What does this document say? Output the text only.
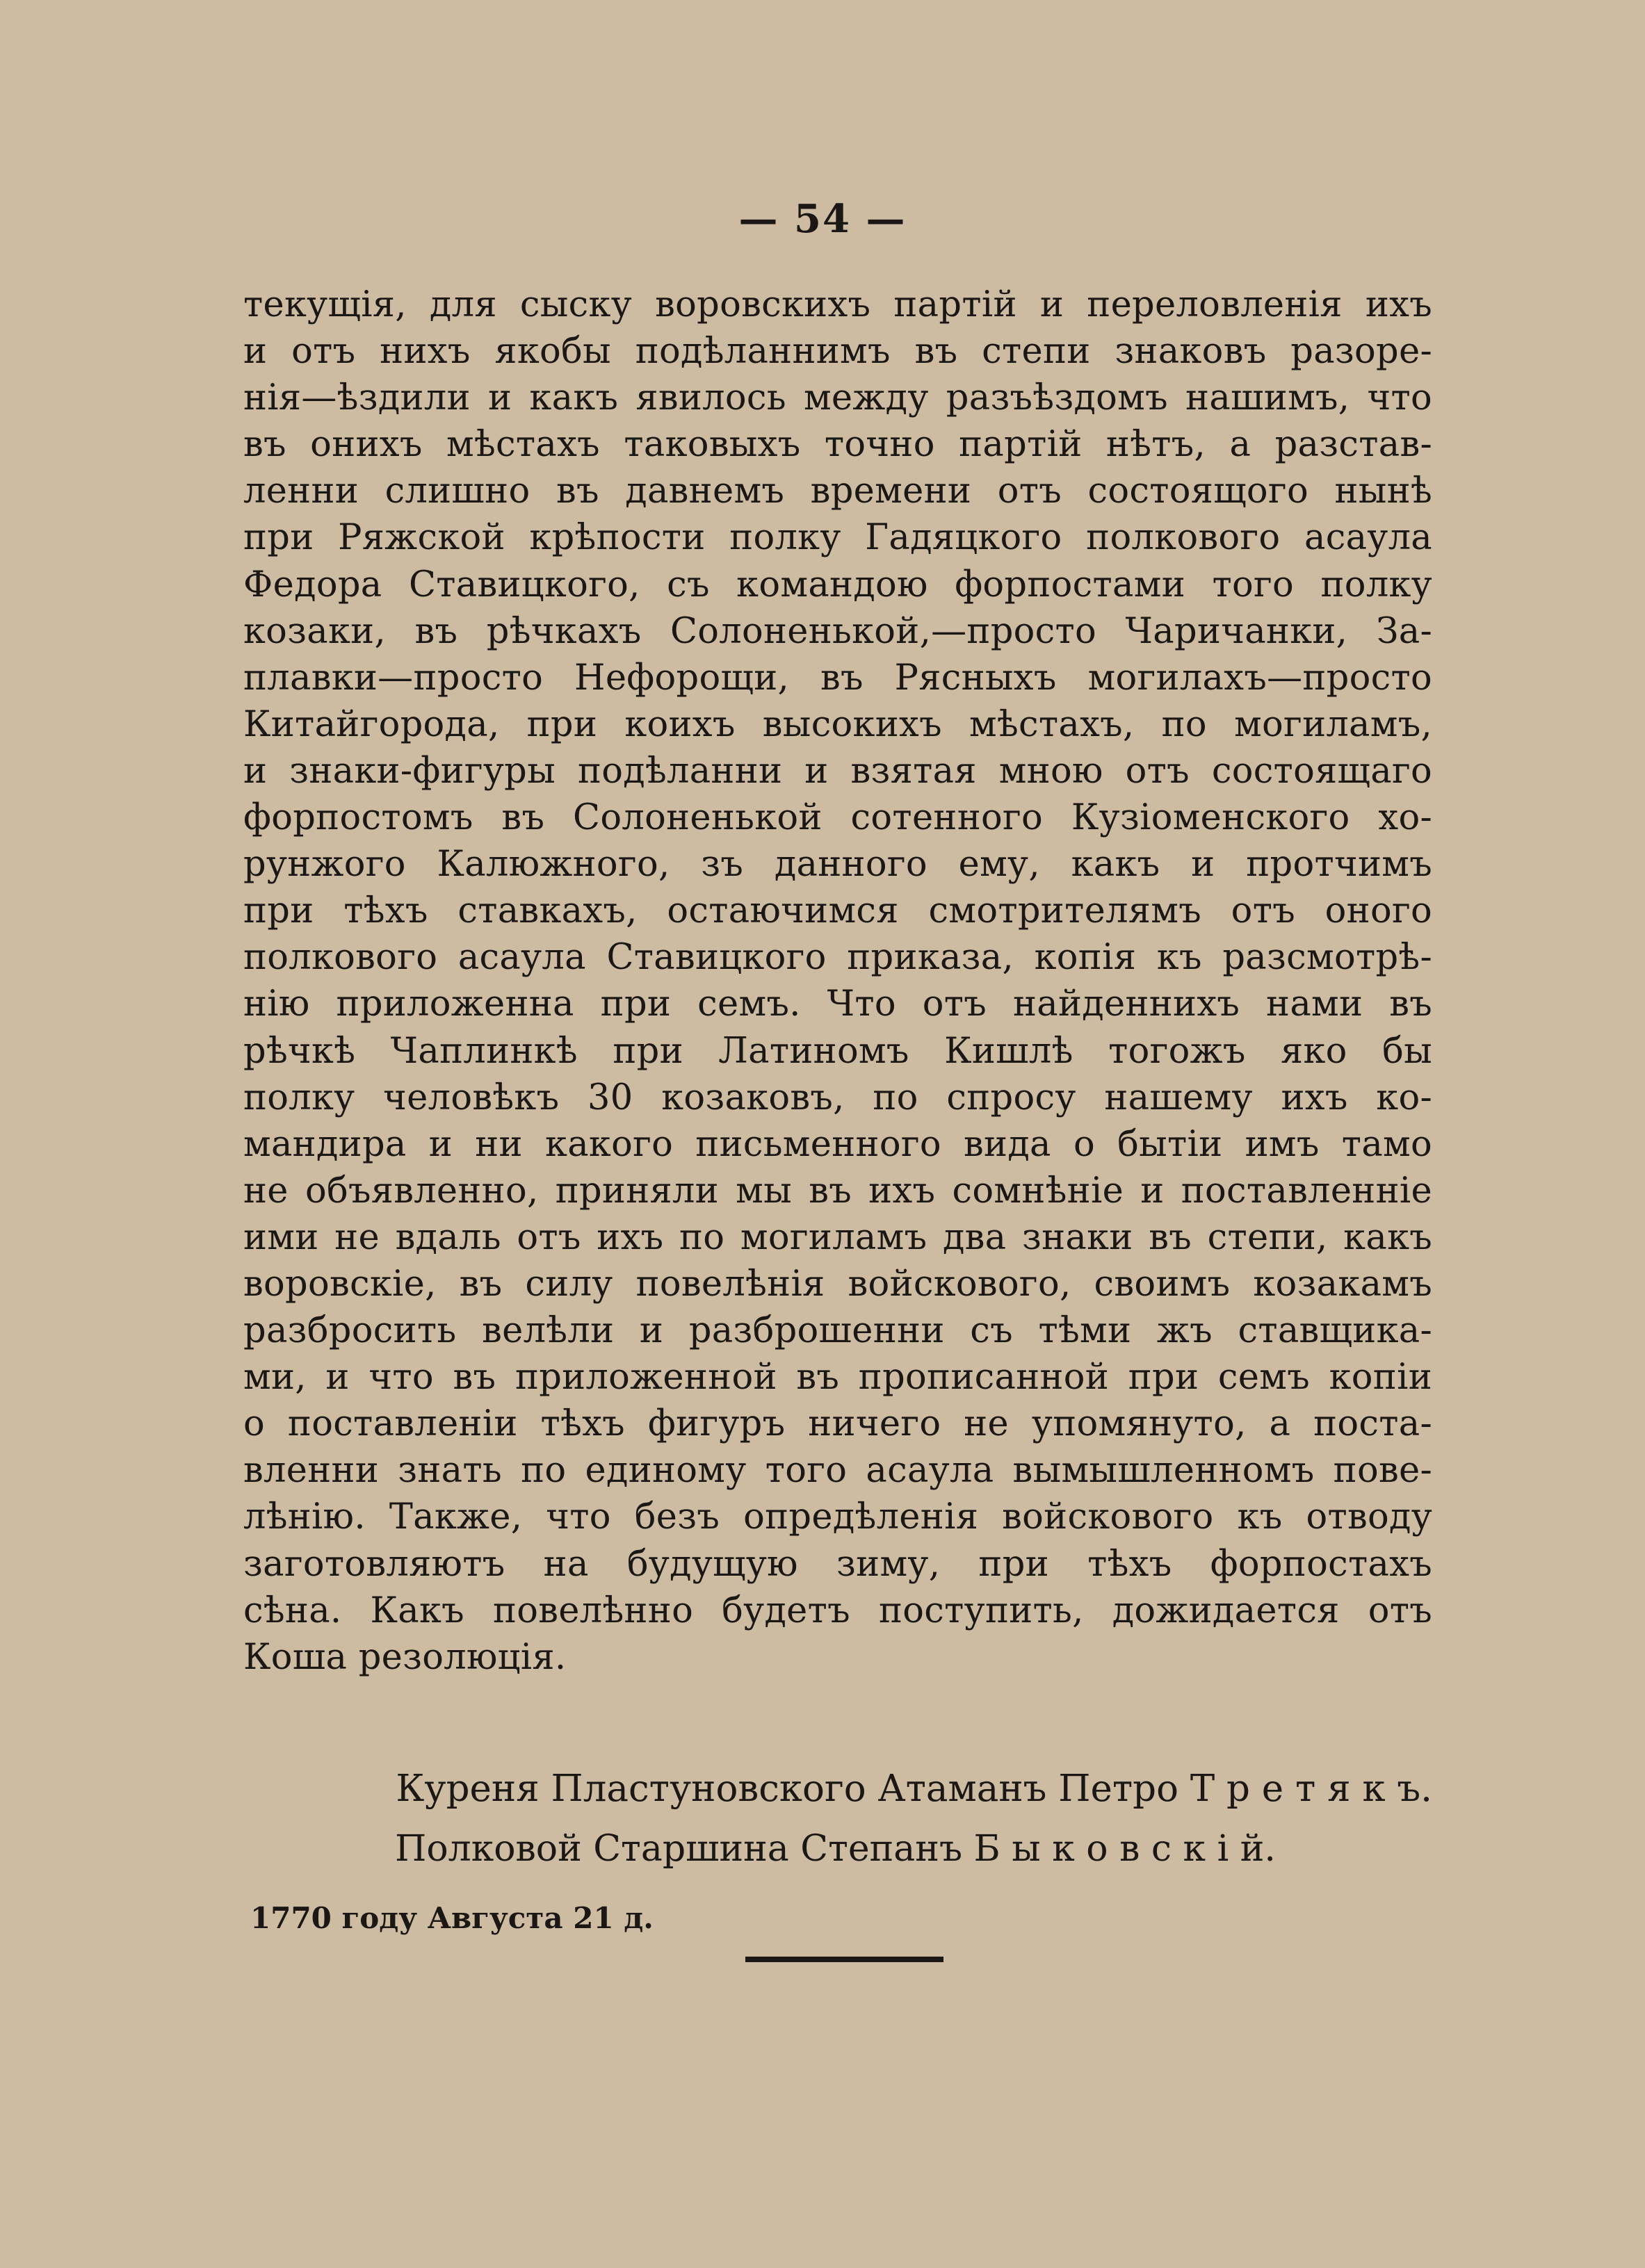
— 54 —
текущія, для сыску воровскихъ партій и переловленія ихъ
и отъ нихъ якобы подѣланнимъ въ степи знаковъ разоре-
нія—ѣздили и какъ явилось между разъѣздомъ нашимъ, что
въ онихъ мѣстахъ таковыхъ точно партій нѣтъ, а разстав-
ленни слишно въ давнемъ времени отъ состоящого нынѣ
при Ряжской крѣпости полку Гадяцкого полкового асаула
Федора Ставицкого, съ командою форпостами того полку
козаки, въ рѣчкахъ Солоненькой,—просто Чаричанки, За-
плавки—просто Нефорощи, въ Рясныхъ могилахъ—просто
Китайгорода, при коихъ высокихъ мѣстахъ, по могиламъ,
и знаки-фигуры подѣланни и взятая мною отъ состоящаго
форпостомъ въ Солоненькой сотенного Кузіоменского хо-
рунжого Калюжного, зъ данного ему, какъ и протчимъ
при тѣхъ ставкахъ, остаючимся смотрителямъ отъ оного
полкового асаула Ставицкого приказа, копія къ разсмотрѣ-
нію приложенна при семъ. Что отъ найденнихъ нами въ
рѣчкѣ Чаплинкѣ при Латиномъ Кишлѣ тогожъ яко бы
полку человѣкъ 30 козаковъ, по спросу нашему ихъ ко-
мандира и ни какого письменного вида о бытіи имъ тамо
не объявленно, приняли мы въ ихъ сомнѣніе и поставленніе
ими не вдаль отъ ихъ по могиламъ два знаки въ степи, какъ
воровскіе, въ силу повелѣнія войскового, своимъ козакамъ
разбросить велѣли и разброшенни съ тѣми жъ ставщика-
ми, и что въ приложенной въ прописанной при семъ копіи
о поставленіи тѣхъ фигуръ ничего не упомянуто, а поста-
вленни знать по единому того асаула вымышленномъ пове-
лѣнію. Также, что безъ опредѣленія войскового къ отводу
заготовляютъ на будущую зиму, при тѣхъ форпостахъ
сѣна. Какъ повелѣнно будетъ поступить, дожидается отъ
Коша резолюція.
Куреня Пластуновского Атаманъ Петро Т р е т я к ъ.
Полковой Старшина Степанъ Б ы к о в с к і й.
1770 году Августа 21 д.
